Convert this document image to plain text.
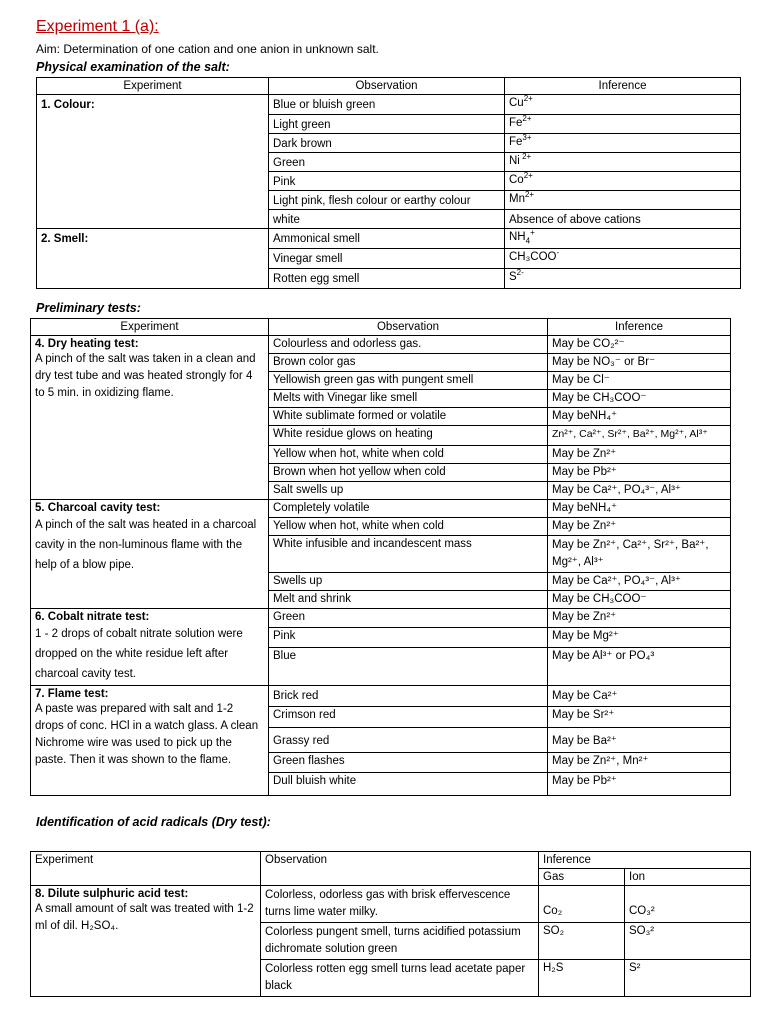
Experiment 1 (a):
Aim: Determination of one cation and one anion in unknown salt.
Physical examination of the salt:
Experiment	Observation	Inference
1. Colour:	Blue or bluish green	$Cu^{2+}$
	Light green	$Fe^{2+}$
	Dark brown	$Fe^{3+}$
	Green	Ni $^{2+}$
	Pink	$Co^{2+}$
	Light pink, flesh colour or earthy colour	$Mn^{2+}$
	white	Absence of above cations
2. Smell:	Ammonical smell	$NH_4^+$
	Vinegar smell	CH₃COO-
	Rotten egg smell	$S^{2-}$
Preliminary tests:
Experiment	Observation	Inference

4. Dry heating test:
A pinch of the salt was taken in a clean and dry test tube and was heated strongly for 4 to 5 min. in oxidizing flame.	Colourless and odorless gas.	May be CO₂²⁻
	Brown color gas	May be NO₃⁻ or Br⁻
	Yellowish green gas with pungent smell	May be Cl⁻
	Melts with Vinegar like smell	May be CH₃COO⁻
	White sublimate formed or volatile	May beNH₄⁺
	White residue glows on heating	Zn²⁺, Ca²⁺, Sr²⁺, Ba²⁺, Mg²⁺, Al³⁺
	Yellow when hot, white when cold	May be Zn²⁺
	Brown when hot yellow when cold	May be Pb²⁺
	Salt swells up	May be Ca²⁺, PO₄³⁻, Al³⁺

5. Charcoal cavity test:
A pinch of the salt was heated in a charcoal cavity in the non-luminous flame with the help of a blow pipe.	Completely volatile	May beNH₄⁺
	Yellow when hot, white when cold	May be Zn²⁺
	White infusible and incandescent mass	May be Zn²⁺, Ca²⁺, Sr²⁺, Ba²⁺, Mg²⁺, Al³⁺
	Swells up	May be Ca²⁺, PO₄³⁻, Al³⁺
	Melt and shrink	May be CH₃COO⁻

6. Cobalt nitrate test:
1 - 2 drops of cobalt nitrate solution were dropped on the white residue left after charcoal cavity test.	Green	May be Zn²⁺
	Pink	May be Mg²⁺
	Blue	May be Al³⁺ or PO₄³

7. Flame test:
A paste was prepared with salt and 1-2 drops of conc. HCl in a watch glass. A clean Nichrome wire was used to pick up the paste. Then it was shown to the flame.	Brick red	May be Ca²⁺
	Crimson red	May be Sr²⁺
	Grassy red	May be Ba²⁺
	Green flashes	May be Zn²⁺, Mn²⁺
	Dull bluish white	May be Pb²⁺
Identification of acid radicals (Dry test):
Experiment	Observation	Inference	
		Gas	Ion

8. Dilute sulphuric acid test:
A small amount of salt was treated with 1-2 ml of dil. H₂SO₄.	Colorless, odorless gas with brisk effervescence turns lime water milky.	Co₂	CO₃²
	Colorless pungent smell, turns acidified potassium dichromate solution green	SO₂	SO₃²
	Colorless rotten egg smell turns lead acetate paper black	H₂S	S²
